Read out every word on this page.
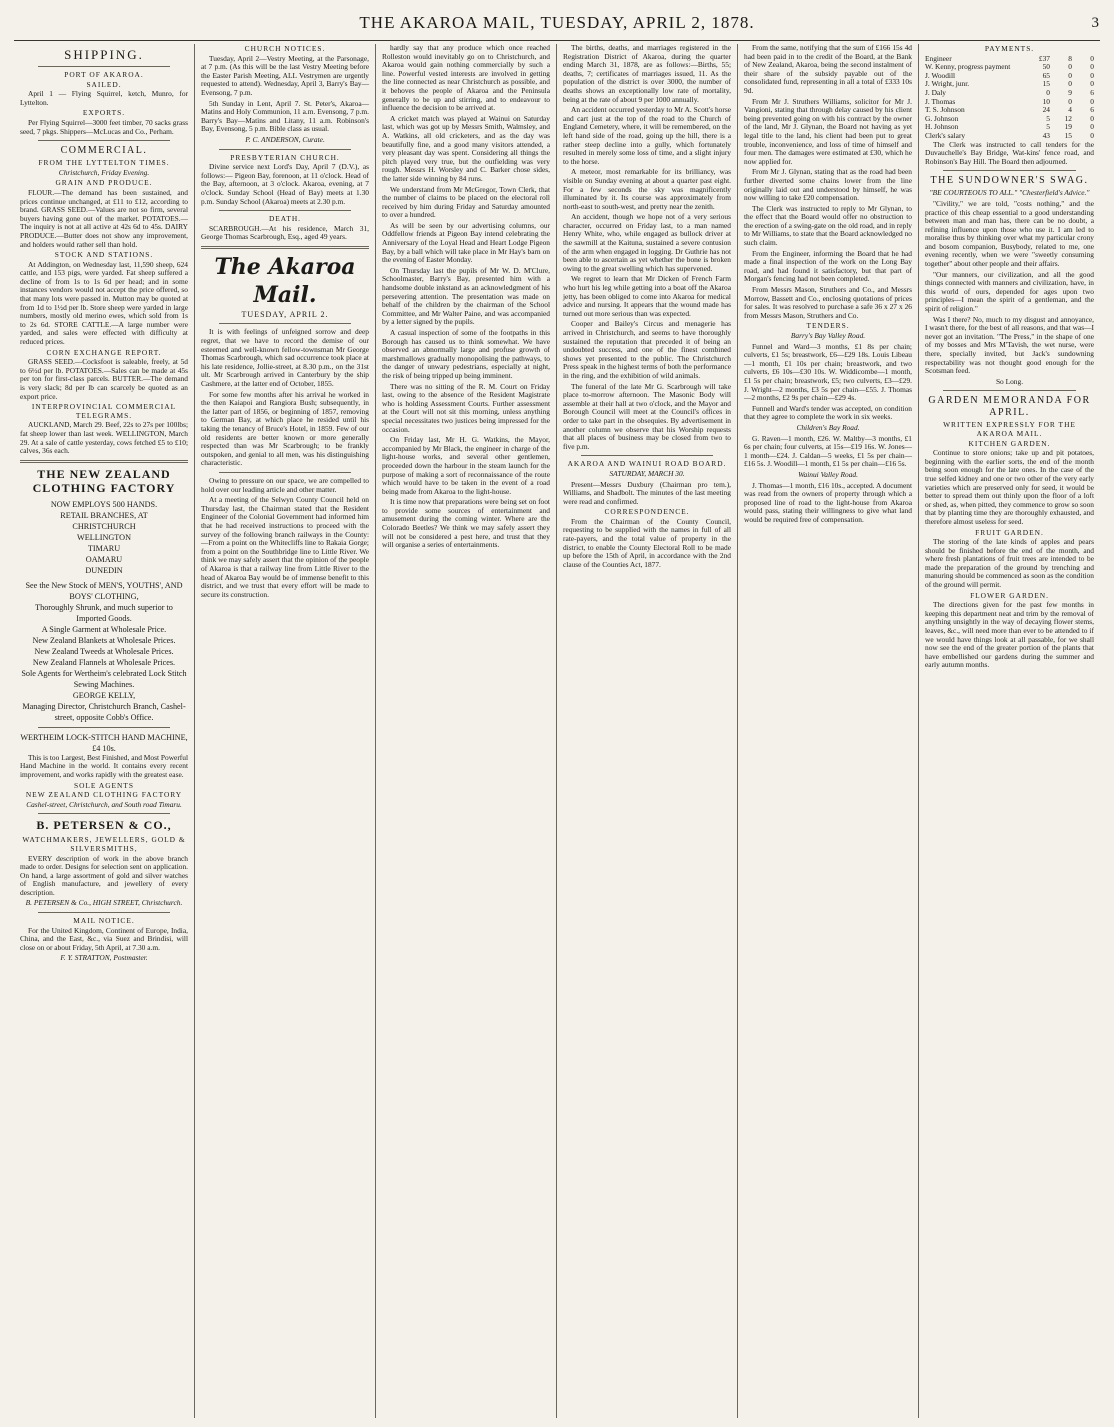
THE AKAROA MAIL, TUESDAY, APRIL 2, 1878.	3
SHIPPING.
PORT OF AKAROA.
SAILED.

April 1 — Flying Squirrel, ketch, Munro, for Lyttelton.

EXPORTS.

Per Flying Squirrel—3000 feet timber, 70 sacks grass seed, 7 pkgs. Shippers—McLucas and Co., Perham.

COMMERCIAL.
FROM THE LYTTELTON TIMES.
Christchurch, Friday Evening.
GRAIN AND PRODUCE.

FLOUR.—The demand has been sustained, and prices continue unchanged, at £11 to £12, according to brand. GRASS SEED.—Values are not so firm, several buyers having gone out of the market. POTATOES.—The inquiry is not at all active at 42s 6d to 45s. DAIRY PRODUCE.—Butter does not show any improvement, and holders would rather sell than hold.

STOCK AND STATIONS.

At Addington, on Wednesday last, 11,590 sheep, 624 cattle, and 153 pigs, were yarded. Fat sheep suffered a decline of from 1s to 1s 6d per head; and in some instances vendors would not accept the price offered, so that many lots were passed in. Mutton may be quoted at from 1d to 1½d per lb. Store sheep were yarded in large numbers, mostly old merino ewes, which sold from 1s to 2s 6d. STORE CATTLE.—A large number were yarded, and sales were effected with difficulty at reduced prices.

CORN EXCHANGE REPORT.

GRASS SEED.—Cocksfoot is saleable, freely, at 5d to 6½d per lb. POTATOES.—Sales can be made at 45s per ton for first-class parcels. BUTTER.—The demand is very slack; 8d per lb can scarcely be quoted as an export price.

INTERPROVINCIAL COMMERCIAL TELEGRAMS.

AUCKLAND, March 29. Beef, 22s to 27s per 100lbs; fat sheep lower than last week. WELLINGTON, March 29. At a sale of cattle yesterday, cows fetched £5 to £10; calves, 36s each.

THE NEW ZEALAND CLOTHING FACTORY
NOW EMPLOYS 500 HANDS.
RETAIL BRANCHES, AT
CHRISTCHURCH
WELLINGTON
TIMARU
OAMARU
DUNEDIN
See the New Stock of MEN'S, YOUTHS', AND BOYS' CLOTHING,
Thoroughly Shrunk, and much superior to Imported Goods.
A Single Garment at Wholesale Price.
New Zealand Blankets at Wholesale Prices.
New Zealand Tweeds at Wholesale Prices.
New Zealand Flannels at Wholesale Prices.
Sole Agents for Wertheim's celebrated Lock Stitch Sewing Machines.
GEORGE KELLY,
Managing Director, Christchurch Branch, Cashel-street, opposite Cobb's Office.
WERTHEIM LOCK-STITCH HAND MACHINE, £4 10s.

This is too Largest, Best Finished, and Most Powerful Hand Machine in the world. It contains every recent improvement, and works rapidly with the greatest ease.

SOLE AGENTS
NEW ZEALAND CLOTHING FACTORY
Cashel-street, Christchurch, and South road Timaru.
B. PETERSEN & CO.,
WATCHMAKERS, JEWELLERS, GOLD & SILVERSMITHS,

EVERY description of work in the above branch made to order. Designs for selection sent on application. On hand, a large assortment of gold and silver watches of English manufacture, and jewellery of every description.

B. PETERSEN & Co., HIGH STREET, Christchurch.
MAIL NOTICE.

For the United Kingdom, Continent of Europe, India, China, and the East, &c., via Suez and Brindisi, will close on or about Friday, 5th April, at 7.30 a.m.

F. Y. STRATTON, Postmaster.
CHURCH NOTICES.

Tuesday, April 2—Vestry Meeting, at the Parsonage, at 7 p.m. (As this will be the last Vestry Meeting before the Easter Parish Meeting, ALL Vestrymen are urgently requested to attend). Wednesday, April 3, Barry's Bay—Evensong, 7 p.m.

5th Sunday in Lent, April 7. St. Peter's, Akaroa—Matins and Holy Communion, 11 a.m. Evensong, 7 p.m. Barry's Bay—Matins and Litany, 11 a.m. Robinson's Bay, Evensong, 5 p.m. Bible class as usual.

P. C. ANDERSON, Curate.
PRESBYTERIAN CHURCH.

Divine service next Lord's Day, April 7 (D.V.), as follows:— Pigeon Bay, forenoon, at 11 o'clock. Head of the Bay, afternoon, at 3 o'clock. Akaroa, evening, at 7 o'clock. Sunday School (Head of Bay) meets at 1.30 p.m. Sunday School (Akaroa) meets at 2.30 p.m.

DEATH.

SCARBROUGH.—At his residence, March 31, George Thomas Scarbrough, Esq., aged 49 years.

The Akaroa Mail.
TUESDAY, APRIL 2.

It is with feelings of unfeigned sorrow and deep regret, that we have to record the demise of our esteemed and well-known fellow-townsman Mr George Thomas Scarbrough, which sad occurrence took place at his late residence, Jollie-street, at 8.30 p.m., on the 31st ult. Mr Scarbrough arrived in Canterbury by the ship Cashmere, at the latter end of October, 1855.

For some few months after his arrival he worked in the then Kaiapoi and Rangiora Bush; subsequently, in the latter part of 1856, or beginning of 1857, removing to German Bay, at which place he resided until his taking the tenancy of Bruce's Hotel, in 1859. Few of our old residents are better known or more generally respected than was Mr Scarbrough; to be frankly outspoken, and genial to all men, was his distinguishing characteristic.

Owing to pressure on our space, we are compelled to hold over our leading article and other matter.

At a meeting of the Selwyn County Council held on Thursday last, the Chairman stated that the Resident Engineer of the Colonial Government had informed him that he had received instructions to proceed with the survey of the following branch railways in the County:—From a point on the Whitecliffs line to Rakaia Gorge; from a point on the Southbridge line to Little River. We think we may safely assert that the opinion of the people of Akaroa is that a railway line from Little River to the head of Akaroa Bay would be of immense benefit to this district, and we trust that every effort will be made to secure its construction.

hardly say that any produce which once reached Rolleston would inevitably go on to Christchurch, and Akaroa would gain nothing commercially by such a line. Powerful vested interests are involved in getting the line connected as near Christchurch as possible, and it behoves the people of Akaroa and the Peninsula generally to be up and stirring, and to endeavour to influence the decision to be arrived at.

A cricket match was played at Wainui on Saturday last, which was got up by Messrs Smith, Walmsley, and A. Watkins, all old cricketers, and as the day was beautifully fine, and a good many visitors attended, a very pleasant day was spent. Considering all things the pitch played very true, but the outfielding was very rough. Messrs H. Worsley and C. Barker chose sides, the latter side winning by 84 runs.

We understand from Mr McGregor, Town Clerk, that the number of claims to be placed on the electoral roll received by him during Friday and Saturday amounted to over a hundred.

As will be seen by our advertising columns, our Oddfellow friends at Pigeon Bay intend celebrating the Anniversary of the Loyal Head and Heart Lodge Pigeon Bay, by a ball which will take place in Mr Hay's barn on the evening of Easter Monday.

On Thursday last the pupils of Mr W. D. M'Clure, Schoolmaster, Barry's Bay, presented him with a handsome double inkstand as an acknowledgment of his persevering attention. The presentation was made on behalf of the children by the chairman of the School Committee, and Mr Walter Paine, and was accompanied by a letter signed by the pupils.

A casual inspection of some of the footpaths in this Borough has caused us to think somewhat. We have observed an abnormally large and profuse growth of marshmallows gradually monopolising the pathways, to the danger of unwary pedestrians, especially at night, the risk of being tripped up being imminent.

There was no sitting of the R. M. Court on Friday last, owing to the absence of the Resident Magistrate who is holding Assessment Courts. Further assessment at the Court will not sit this morning, unless anything special necessitates two justices being impressed for the occasion.

On Friday last, Mr H. G. Watkins, the Mayor, accompanied by Mr Black, the engineer in charge of the light-house works, and several other gentlemen, proceeded down the harbour in the steam launch for the purpose of making a sort of reconnaissance of the route which would have to be taken in the event of a road being made from Akaroa to the light-house.

It is time now that preparations were being set on foot to provide some sources of entertainment and amusement during the coming winter. Where are the Colorado Beetles? We think we may safely assert they will not be considered a pest here, and trust that they will organise a series of entertainments.

The births, deaths, and marriages registered in the Registration District of Akaroa, during the quarter ending March 31, 1878, are as follows:—Births, 55; deaths, 7; certificates of marriages issued, 11. As the population of the district is over 3000, the number of deaths shows an exceptionally low rate of mortality, being at the rate of about 9 per 1000 annually.

An accident occurred yesterday to Mr A. Scott's horse and cart just at the top of the road to the Church of England Cemetery, where, it will be remembered, on the left hand side of the road, going up the hill, there is a rather steep decline into a gully, which fortunately resulted in merely some loss of time, and a slight injury to the horse.

A meteor, most remarkable for its brilliancy, was visible on Sunday evening at about a quarter past eight. For a few seconds the sky was magnificently illuminated by it. Its course was approximately from north-east to south-west, and pretty near the zenith.

An accident, though we hope not of a very serious character, occurred on Friday last, to a man named Henry White, who, while engaged as bullock driver at the sawmill at the Kaituna, sustained a severe contusion of the arm when engaged in logging. Dr Guthrie has not been able to ascertain as yet whether the bone is broken owing to the great swelling which has supervened.

We regret to learn that Mr Dicken of French Farm who hurt his leg while getting into a boat off the Akaroa jetty, has been obliged to come into Akaroa for medical advice and nursing. It appears that the wound made has turned out more serious than was expected.

Cooper and Bailey's Circus and menagerie has arrived in Christchurch, and seems to have thoroughly sustained the reputation that preceded it of being an undoubted success, and one of the finest combined shows yet presented to the public. The Christchurch Press speak in the highest terms of both the performance in the ring, and the exhibition of wild animals.

The funeral of the late Mr G. Scarbrough will take place to-morrow afternoon. The Masonic Body will assemble at their hall at two o'clock, and the Mayor and Borough Council will meet at the Council's offices in order to take part in the obsequies. By advertisement in another column we observe that his Worship requests that all places of business may be closed from two to five p.m.

AKAROA AND WAINUI ROAD BOARD.
SATURDAY, MARCH 30.

Present—Messrs Duxbury (Chairman pro tem.), Williams, and Shadbolt. The minutes of the last meeting were read and confirmed.

CORRESPONDENCE.

From the Chairman of the County Council, requesting to be supplied with the names in full of all rate-payers, and the total value of property in the district, to enable the County Electoral Roll to be made up before the 15th of April, in accordance with the 2nd clause of the Counties Act, 1877.

From the same, notifying that the sum of £166 15s 4d had been paid in to the credit of the Board, at the Bank of New Zealand, Akaroa, being the second instalment of their share of the subsidy payable out of the consolidated fund, representing in all a total of £333 10s 9d.

From Mr J. Struthers Williams, solicitor for Mr J. Vangioni, stating that through delay caused by his client being prevented going on with his contract by the owner of the land, Mr J. Glynan, the Board not having as yet legal title to the land, his client had been put to great trouble, inconvenience, and loss of time of himself and four men. The damages were estimated at £30, which he now applied for.

From Mr J. Glynan, stating that as the road had been further diverted some chains lower from the line originally laid out and understood by himself, he was now willing to take £20 compensation.

The Clerk was instructed to reply to Mr Glynan, to the effect that the Board would offer no obstruction to the erection of a swing-gate on the old road, and in reply to Mr Williams, to state that the Board acknowledged no such claim.

From the Engineer, informing the Board that he had made a final inspection of the work on the Long Bay road, and had found it satisfactory, but that part of Morgan's fencing had not been completed.

From Messrs Mason, Struthers and Co., and Messrs Morrow, Bassett and Co., enclosing quotations of prices for sales. It was resolved to purchase a safe 36 x 27 x 26 from Messrs Mason, Struthers and Co.

TENDERS.
Barry's Bay Valley Road.

Funnel and Ward—3 months, £1 8s per chain; culverts, £1 5s; breastwork, £6—£29 18s. Louis Libeau—1 month, £1 10s per chain; breastwork, and two culverts, £6 10s—£30 10s. W. Widdicombe—1 month, £1 5s per chain; breastwork, £5; two culverts, £3—£29. J. Wright—2 months, £3 5s per chain—£55. J. Thomas—2 months, £2 9s per chain—£29 4s.

Funnell and Ward's tender was accepted, on condition that they agree to complete the work in six weeks.

Children's Bay Road.

G. Raven—1 month, £26. W. Maltby—3 months, £1 6s per chain; four culverts, at 15s—£19 16s. W. Jones—1 month—£24. J. Caldan—5 weeks, £1 5s per chain—£16 5s. J. Woodill—1 month, £1 5s per chain—£16 5s.

Wainui Valley Road.

J. Thomas—1 month, £16 10s., accepted. A document was read from the owners of property through which a proposed line of road to the light-house from Akaroa would pass, stating their willingness to give what land would be required free of compensation.

PAYMENTS.
Engineer	£37	8	0
W. Kenny, progress payment	50	0	0
J. Woodill	65	0	0
J. Wright, junr.	15	0	0
J. Daly	0	9	6
J. Thomas	10	0	0
T. S. Johnson	24	4	6
G. Johnson	5	12	0
H. Johnson	5	19	0
Clerk's salary	43	15	0

The Clerk was instructed to call tenders for the Duvauchelle's Bay Bridge, Wat-kins' fence road, and Robinson's Bay Hill. The Board then adjourned.

THE SUNDOWNER'S SWAG.
"BE COURTEOUS TO ALL." "Chesterfield's Advice."

"Civility," we are told, "costs nothing," and the practice of this cheap essential to a good understanding between man and man has, there can be no doubt, a refining influence upon those who use it. I am led to moralise thus by thinking over what my particular crony and bosom companion, Busybody, related to me, one evening recently, when we were "sweetly consuming together" about other people and their affairs.

"Our manners, our civilization, and all the good things connected with manners and civilization, have, in this world of ours, depended for ages upon two principles—I mean the spirit of a gentleman, and the spirit of religion."

Was I there? No, much to my disgust and annoyance, I wasn't there, for the best of all reasons, and that was—I never got an invitation. "The Press," in the shape of one of my bosses and Mrs M'Tavish, the wet nurse, were there, specially invited, but Jack's sundowning respectability was not thought good enough for the Scotsman feed.

So Long.
GARDEN MEMORANDA FOR APRIL.
WRITTEN EXPRESSLY FOR THE AKAROA MAIL.
KITCHEN GARDEN.

Continue to store onions; take up and pit potatoes, beginning with the earlier sorts, the end of the month being soon enough for the late ones. In the case of the true selfed kidney and one or two other of the very early varieties which are preserved only for seed, it would be better to spread them out thinly upon the floor of a loft or shed, as, when pitted, they commence to grow so soon that by planting time they are thoroughly exhausted, and therefore almost useless for seed.

FRUIT GARDEN.

The storing of the late kinds of apples and pears should be finished before the end of the month, and where fresh plantations of fruit trees are intended to be made the preparation of the ground by trenching and manuring should be commenced as soon as the condition of the ground will permit.

FLOWER GARDEN.

The directions given for the past few months in keeping this department neat and trim by the removal of anything unsightly in the way of decaying flower stems, leaves, &c., will need more than ever to be attended to if we would have things look at all passable, for we shall now see the end of the greater portion of the plants that have embellished our gardens during the summer and early autumn months.
